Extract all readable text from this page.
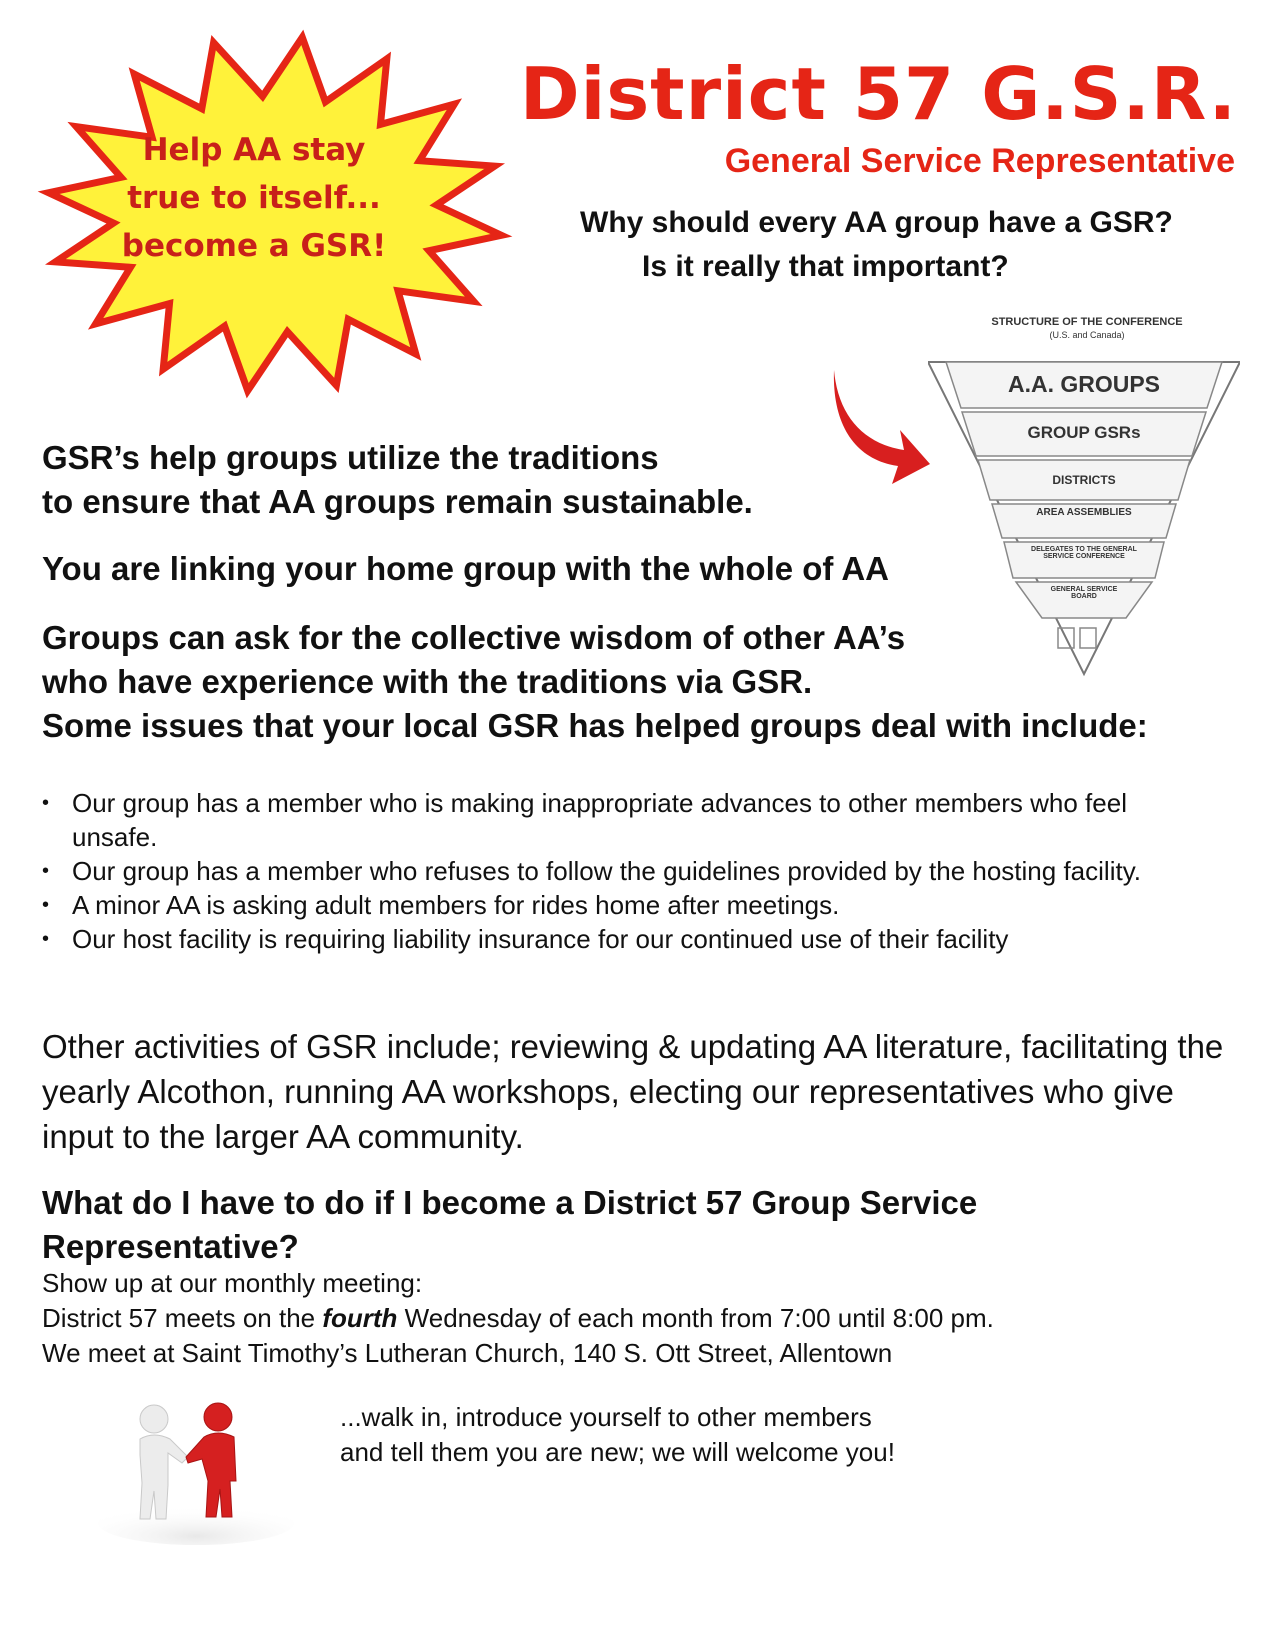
Help AA stay
true to itself...
become a GSR!
District 57 G.S.R.
General Service Representative
Why should every AA group have a GSR?
Is it really that important?
STRUCTURE OF THE CONFERENCE
(U.S. and Canada)
A.A. GROUPS
GROUP GSRs
DISTRICTS
AREA ASSEMBLIES
DELEGATES TO THE GENERAL SERVICE CONFERENCE
GENERAL SERVICE BOARD
GSR’s help groups utilize the traditions
to ensure that AA groups remain sustainable.
You are linking your home group with the whole of AA
Groups can ask for the collective wisdom of other AA’s
who have experience with the traditions via GSR.
Some issues that your local GSR has helped groups deal with include:
• Our group has a member who is making inappropriate advances to other members who feel unsafe.
• Our group has a member who refuses to follow the guidelines provided by the hosting facility.
• A minor AA is asking adult members for rides home after meetings.
• Our host facility is requiring liability insurance for our continued use of their facility
Other activities of GSR include; reviewing & updating AA literature, facilitating the yearly Alcothon, running AA workshops, electing our representatives who give input to the larger AA community.
What do I have to do if I become a District 57 Group Service Representative?
Show up at our monthly meeting:
District 57 meets on the fourth Wednesday of each month from 7:00 until 8:00 pm.
We meet at Saint Timothy’s Lutheran Church, 140 S. Ott Street, Allentown
...walk in, introduce yourself to other members
and tell them you are new; we will welcome you!
